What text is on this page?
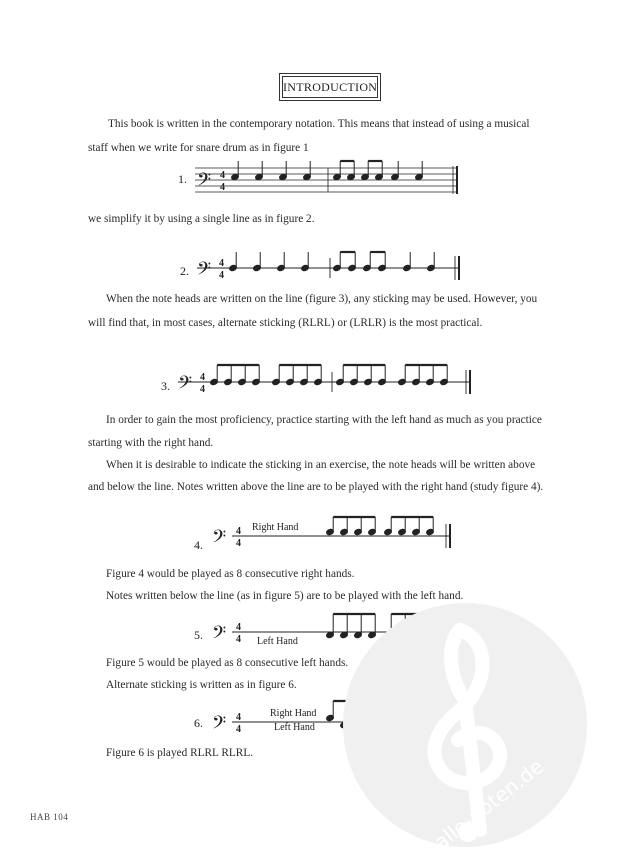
INTRODUCTION
This book is written in the contemporary notation. This means that instead of using a musical
staff when we write for snare drum as in figure 1
1. 𝄢 4
4
we simplify it by using a single line as in figure 2.
2. 𝄢 4
4
When the note heads are written on the line (figure 3), any sticking may be used. However, you
will find that, in most cases, alternate sticking (RLRL) or (LRLR) is the most practical.
3. 𝄢 4
4
In order to gain the most proficiency, practice starting with the left hand as much as you practice
starting with the right hand.
When it is desirable to indicate the sticking in an exercise, the note heads will be written above
and below the line. Notes written above the line are to be played with the right hand (study figure 4).
4.
Right Hand
𝄢 4
4
Figure 4 would be played as 8 consecutive right hands.
Notes written below the line (as in figure 5) are to be played with the left hand.
5.	Left Hand
𝄢 4
4
Figure 5 would be played as 8 consecutive left hands.
Alternate sticking is written as in figure 6.
6.
Right Hand
Left Hand
𝄢 4
4
Figure 6 is played RLRL RLRL.
alle-noten.de
HAB 104
